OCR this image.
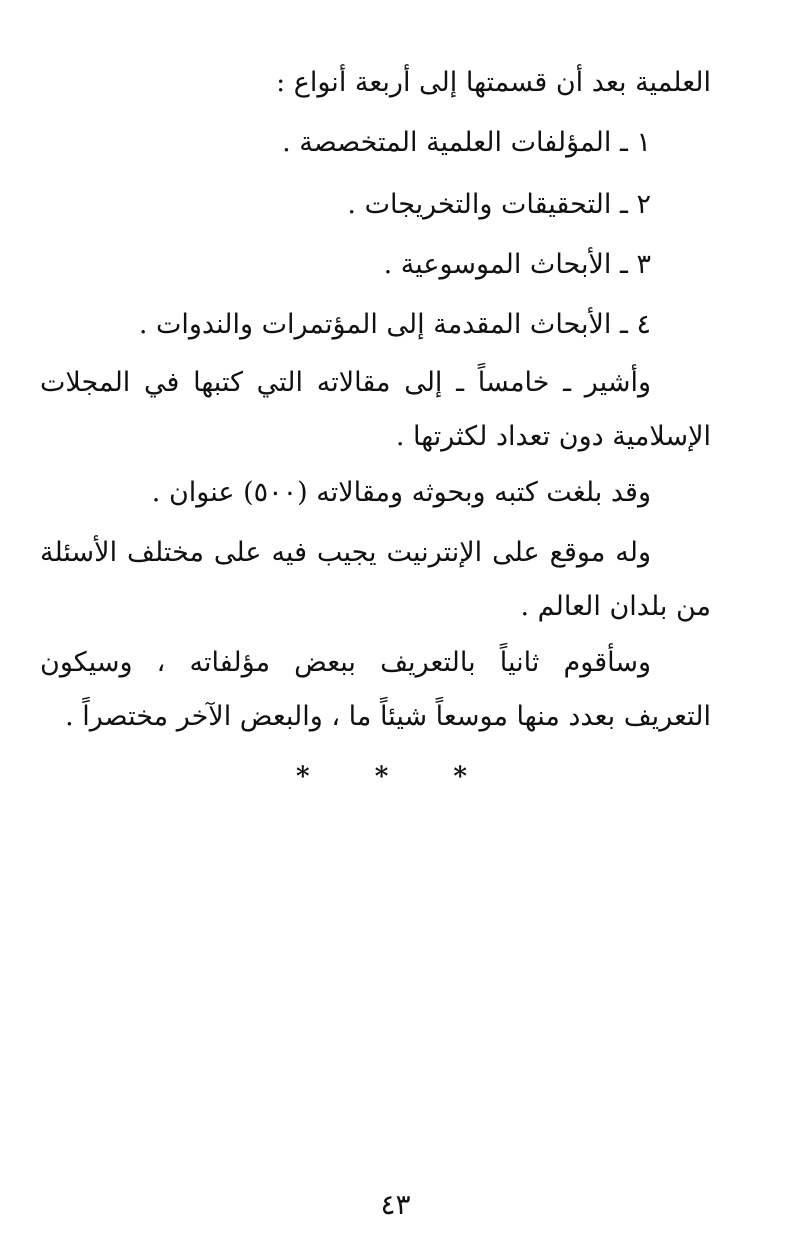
العلمية بعد أن قسمتها إلى أربعة أنواع :

١ ـ المؤلفات العلمية المتخصصة .

٢ ـ التحقيقات والتخريجات .

٣ ـ الأبحاث الموسوعية .

٤ ـ الأبحاث المقدمة إلى المؤتمرات والندوات .

وأشير ـ خامساً ـ إلى مقالاته التي كتبها في المجلات الإسلامية دون تعداد لكثرتها .

وقد بلغت كتبه وبحوثه ومقالاته (٥٠٠) عنوان .

وله موقع على الإنترنيت يجيب فيه على مختلف الأسئلة من بلدان العالم .

وسأقوم ثانياً بالتعريف ببعض مؤلفاته ، وسيكون التعريف بعدد منها موسعاً شيئاً ما ، والبعض الآخر مختصراً .

* * *
٤٣
